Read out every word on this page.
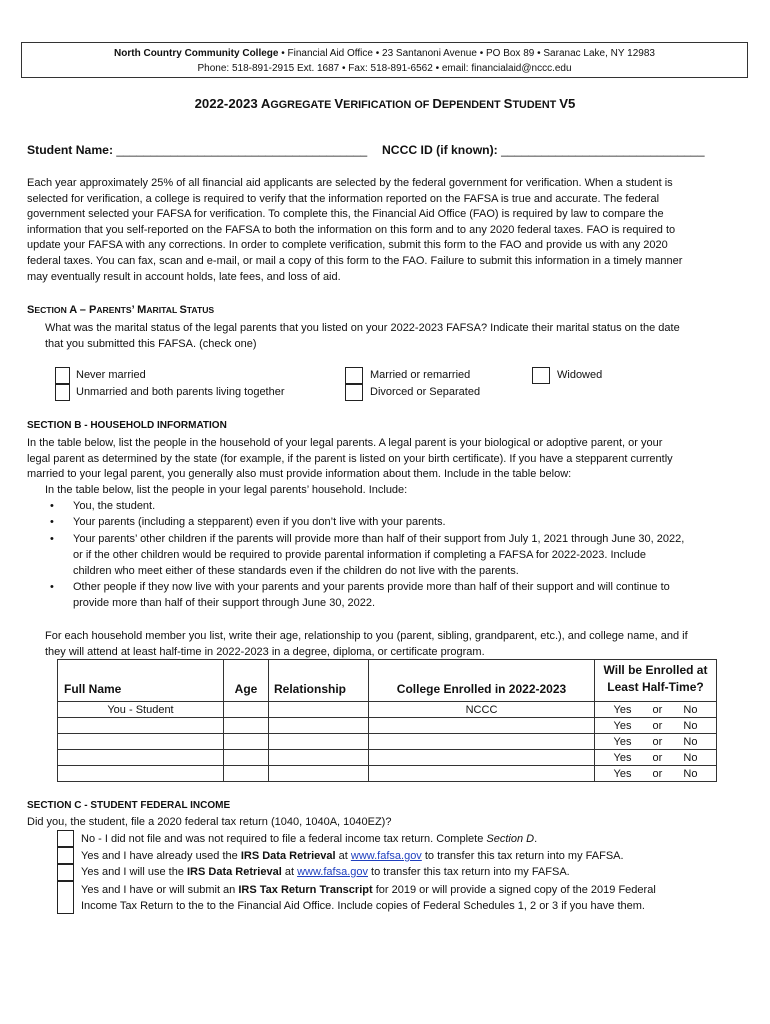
North Country Community College • Financial Aid Office • 23 Santanoni Avenue • PO Box 89 • Saranac Lake, NY 12983
Phone: 518-891-2915 Ext. 1687 • Fax: 518-891-6562 • email: financialaid@nccc.edu
2022-2023 AGGREGATE VERIFICATION OF DEPENDENT STUDENT V5
Student Name: _____________________________________ NCCC ID (if known): ______________________________
Each year approximately 25% of all financial aid applicants are selected by the federal government for verification. When a student is
selected for verification, a college is required to verify that the information reported on the FAFSA is true and accurate. The federal
government selected your FAFSA for verification. To complete this, the Financial Aid Office (FAO) is required by law to compare the
information that you self-reported on the FAFSA to both the information on this form and to any 2020 federal taxes. FAO is required to
update your FAFSA with any corrections. In order to complete verification, submit this form to the FAO and provide us with any 2020
federal taxes. You can fax, scan and e-mail, or mail a copy of this form to the FAO. Failure to submit this information in a timely manner
may eventually result in account holds, late fees, and loss of aid.
SECTION A – PARENTS’ MARITAL STATUS
What was the marital status of the legal parents that you listed on your 2022-2023 FAFSA? Indicate their marital status on the date
that you submitted this FAFSA. (check one)
Never married
Unmarried and both parents living together
Married or remarried
Divorced or Separated
Widowed
SECTION B - HOUSEHOLD INFORMATION
In the table below, list the people in the household of your legal parents. A legal parent is your biological or adoptive parent, or your
legal parent as determined by the state (for example, if the parent is listed on your birth certificate). If you have a stepparent currently
married to your legal parent, you generally also must provide information about them. Include in the table below:
In the table below, list the people in your legal parents’ household. Include:
• You, the student.
• Your parents (including a stepparent) even if you don’t live with your parents.
• Your parents’ other children if the parents will provide more than half of their support from July 1, 2021 through June 30, 2022,
or if the other children would be required to provide parental information if completing a FAFSA for 2022-2023. Include
children who meet either of these standards even if the children do not live with the parents.
• Other people if they now live with your parents and your parents provide more than half of their support and will continue to
provide more than half of their support through June 30, 2022.
For each household member you list, write their age, relationship to you (parent, sibling, grandparent, etc.), and college name, and if
they will attend at least half-time in 2022-2023 in a degree, diploma, or certificate program.
Full Name	Age	Relationship	College Enrolled in 2022-2023	Will be Enrolled at
Least Half-Time?

You - Student			NCCC	Yes or No

				Yes or No

				Yes or No

				Yes or No

				Yes or No
SECTION C - STUDENT FEDERAL INCOME
Did you, the student, file a 2020 federal tax return (1040, 1040A, 1040EZ)?
No - I did not file and was not required to file a federal income tax return. Complete Section D.
Yes and I have already used the IRS Data Retrieval at www.fafsa.gov to transfer this tax return into my FAFSA.
Yes and I will use the IRS Data Retrieval at www.fafsa.gov to transfer this tax return into my FAFSA.
Yes and I have or will submit an IRS Tax Return Transcript for 2019 or will provide a signed copy of the 2019 Federal
Income Tax Return to the to the Financial Aid Office. Include copies of Federal Schedules 1, 2 or 3 if you have them.
